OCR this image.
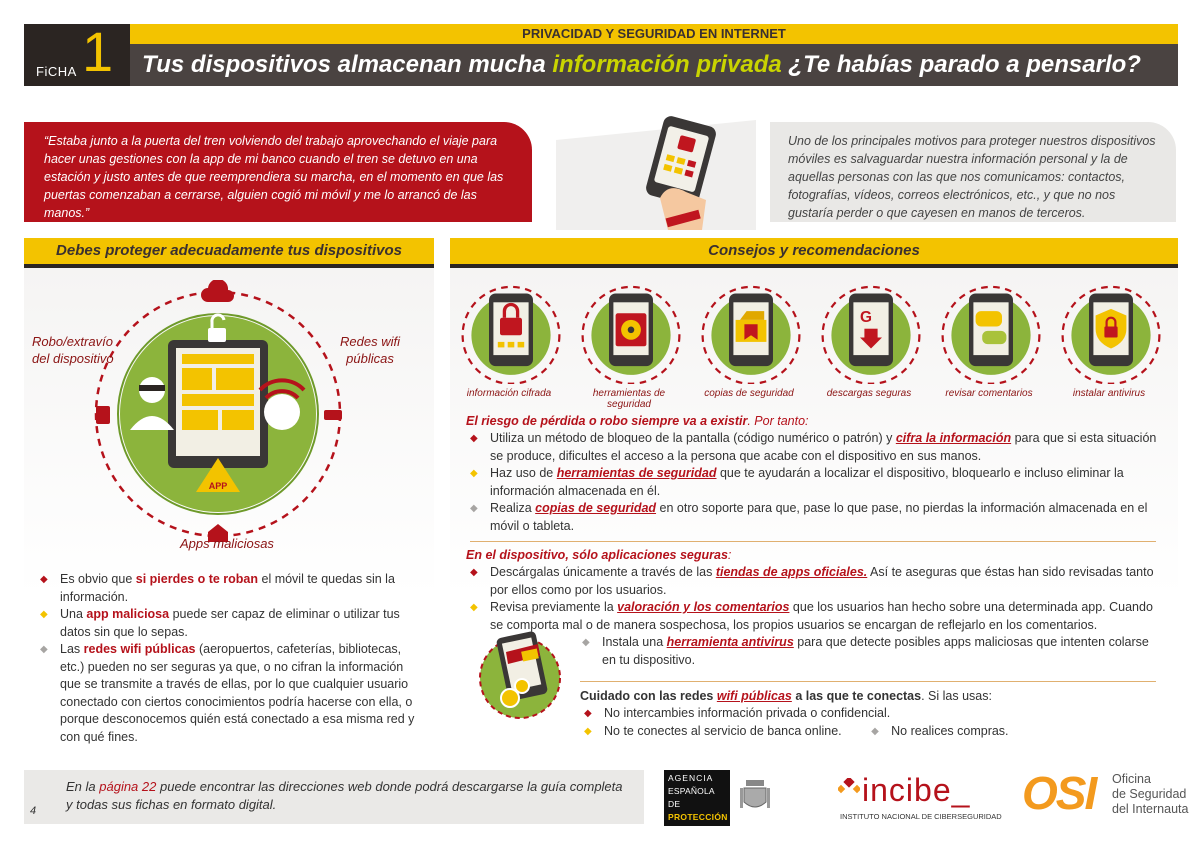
FiCHA 1	PRIVACIDAD Y SEGURIDAD EN INTERNET
Tus dispositivos almacenan mucha información privada ¿Te habías parado a pensarlo?
“Estaba junto a la puerta del tren volviendo del trabajo aprovechando el viaje para hacer unas gestiones con la app de mi banco cuando el tren se detuvo en una estación y justo antes de que reemprendiera su marcha, en el momento en que las puertas comenzaban a cerrarse, alguien cogió mi móvil y me lo arrancó de las manos.”
Uno de los principales motivos para proteger nuestros dispositivos móviles es salvaguardar nuestra información personal y la de aquellas personas con las que nos comunicamos: contactos, fotografías, vídeos, correos electrónicos, etc., y que no nos gustaría perder o que cayesen en manos de terceros.
Debes proteger adecuadamente tus dispositivos
APP
Robo/extravío del dispositivo
Redes wifi públicas
Apps maliciosas
◆ Es obvio que si pierdes o te roban el móvil te quedas sin la información.
◆ Una app maliciosa puede ser capaz de eliminar o utilizar tus datos sin que lo sepas.
◆ Las redes wifi públicas (aeropuertos, cafeterías, bibliotecas, etc.) pueden no ser seguras ya que, o no cifran la información que se transmite a través de ellas, por lo que cualquier usuario conectado con ciertos conocimientos podría hacerse con ella, o porque desconocemos quién está conectado a esa misma red y con qué fines.
Consejos y recomendaciones
información cifrada	herramientas de seguridad
copias de seguridad
G
descargas seguras	revisar comentarios	instalar antivirus
El riesgo de pérdida o robo siempre va a existir. Por tanto:
◆ Utiliza un método de bloqueo de la pantalla (código numérico o patrón) y cifra la información para que si esta situación se produce, dificultes el acceso a la persona que acabe con el dispositivo en sus manos.
◆ Haz uso de herramientas de seguridad que te ayudarán a localizar el dispositivo, bloquearlo e incluso eliminar la información almacenada en él.
◆ Realiza copias de seguridad en otro soporte para que, pase lo que pase, no pierdas la información almacenada en el móvil o tableta.
En el dispositivo, sólo aplicaciones seguras:
◆ Descárgalas únicamente a través de las tiendas de apps oficiales. Así te aseguras que éstas han sido revisadas tanto por ellos como por los usuarios.
◆ Revisa previamente la valoración y los comentarios que los usuarios han hecho sobre una determinada app. Cuando se comporta mal o de manera sospechosa, los propios usuarios se encargan de reflejarlo en los comentarios.
◆ Instala una herramienta antivirus para que detecte posibles apps maliciosas que intenten colarse en tu dispositivo.
Cuidado con las redes wifi públicas a las que te conectas. Si las usas:
◆ No intercambies información privada o confidencial.
◆ No te conectes al servicio de banca online.	◆ No realices compras.
En la página 22 puede encontrar las direcciones web donde podrá descargarse la guía completa y todas sus fichas en formato digital.
4
AGENCIA
ESPAÑOLA DE
PROTECCIÓN
DATOS
incibe_
INSTITUTO NACIONAL DE CIBERSEGURIDAD OSI Oficina
de Seguridad
del Internauta
